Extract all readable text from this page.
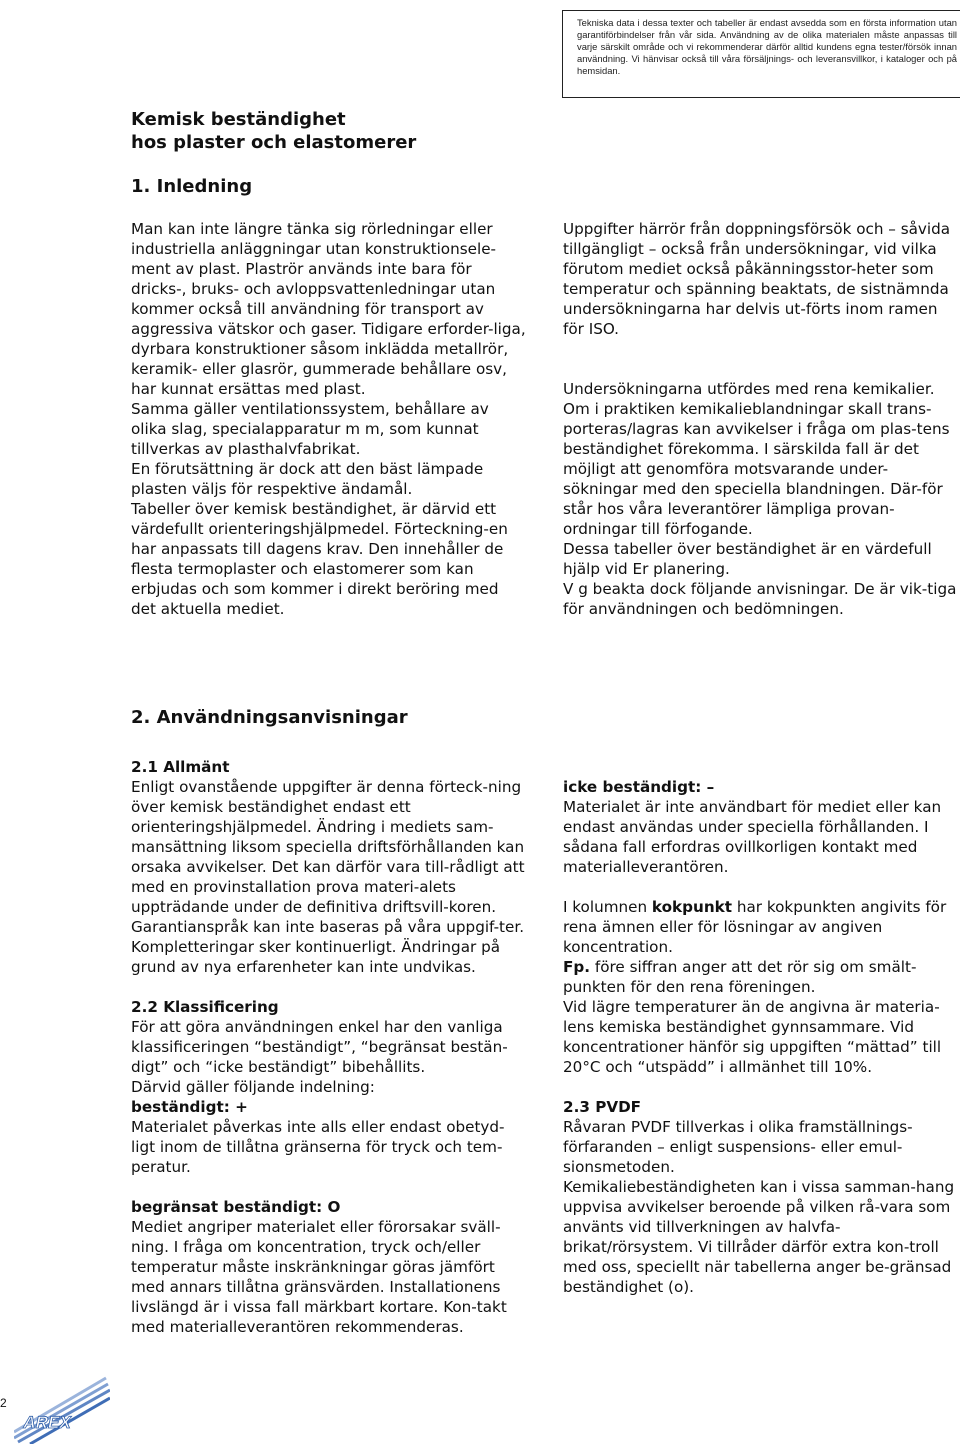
Tekniska data i dessa texter och tabeller är endast avsedda som en första information utan garantiförbindelser från vår sida. Användning av de olika materialen måste anpassas till varje särskilt område och vi rekommenderar därför alltid kundens egna tester/försök innan användning. Vi hänvisar också till våra försäljnings- och leveransvillkor, i kataloger och på hemsidan.
Kemisk beständighet
hos plaster och elastomerer
1. Inledning

Man kan inte längre tänka sig rörledningar eller industriella anläggningar utan konstruktionsele-ment av plast. Plaströr används inte bara för dricks-, bruks- och avloppsvattenledningar utan kommer också till användning för transport av aggressiva vätskor och gaser. Tidigare erforder-liga, dyrbara konstruktioner såsom inklädda metallrör, keramik- eller glasrör, gummerade behållare osv, har kunnat ersättas med plast.

Samma gäller ventilationssystem, behållare av olika slag, specialapparatur m m, som kunnat tillverkas av plasthalvfabrikat.

En förutsättning är dock att den bäst lämpade plasten väljs för respektive ändamål.

Tabeller över kemisk beständighet, är därvid ett värdefullt orienteringshjälpmedel. Förteckning-en har anpassats till dagens krav. Den innehåller de flesta termoplaster och elastomerer som kan erbjudas och som kommer i direkt beröring med det aktuella mediet.

Uppgifter härrör från doppningsförsök och – såvida tillgängligt – också från undersökningar, vid vilka förutom mediet också påkänningsstor-heter som temperatur och spänning beaktats, de sistnämnda undersökningarna har delvis ut-förts inom ramen för ISO.

Undersökningarna utfördes med rena kemikalier. Om i praktiken kemikalieblandningar skall trans-porteras/lagras kan avvikelser i fråga om plas-tens beständighet förekomma. I särskilda fall är det möjligt att genomföra motsvarande under-sökningar med den speciella blandningen. Där-för står hos våra leverantörer lämpliga provan-ordningar till förfogande.

Dessa tabeller över beständighet är en värdefull hjälp vid Er planering.

V g beakta dock följande anvisningar. De är vik-tiga för användningen och bedömningen.

2. Användningsanvisningar

2.1 Allmänt

Enligt ovanstående uppgifter är denna förteck-ning över kemisk beständighet endast ett orienteringshjälpmedel. Ändring i mediets sam-mansättning liksom speciella driftsförhållanden kan orsaka avvikelser. Det kan därför vara till-rådligt att med en provinstallation prova materi-alets uppträdande under de definitiva driftsvill-koren.

Garantianspråk kan inte baseras på våra uppgif-ter. Kompletteringar sker kontinuerligt. Ändringar på grund av nya erfarenheter kan inte undvikas.

2.2 Klassificering

För att göra användningen enkel har den vanliga klassificeringen “beständigt”, “begränsat bestän-digt” och “icke beständigt” bibehållits.

Därvid gäller följande indelning:

beständigt: +

Materialet påverkas inte alls eller endast obetyd-ligt inom de tillåtna gränserna för tryck och tem-peratur.

begränsat beständigt: O

Mediet angriper materialet eller förorsakar sväll-ning. I fråga om koncentration, tryck och/eller temperatur måste inskränkningar göras jämfört med annars tillåtna gränsvärden. Installationens livslängd är i vissa fall märkbart kortare. Kon-takt med materialleverantören rekommenderas.

icke beständigt: –

Materialet är inte användbart för mediet eller kan endast användas under speciella förhållanden. I sådana fall erfordras ovillkorligen kontakt med materialleverantören.

I kolumnen kokpunkt har kokpunkten angivits för rena ämnen eller för lösningar av angiven koncentration.

Fp. före siffran anger att det rör sig om smält-punkten för den rena föreningen.

Vid lägre temperaturer än de angivna är materia-lens kemiska beständighet gynnsammare. Vid koncentrationer hänför sig uppgiften “mättad” till 20°C och “utspädd” i allmänhet till 10%.

2.3 PVDF

Råvaran PVDF tillverkas i olika framställnings-förfaranden – enligt suspensions- eller emul-sionsmetoden.

Kemikaliebeständigheten kan i vissa samman-hang uppvisa avvikelser beroende på vilken rå-vara som använts vid tillverkningen av halvfa-brikat/rörsystem. Vi tillråder därför extra kon-troll med oss, speciellt när tabellerna anger be-gränsad beständighet (o).

2
AREX
